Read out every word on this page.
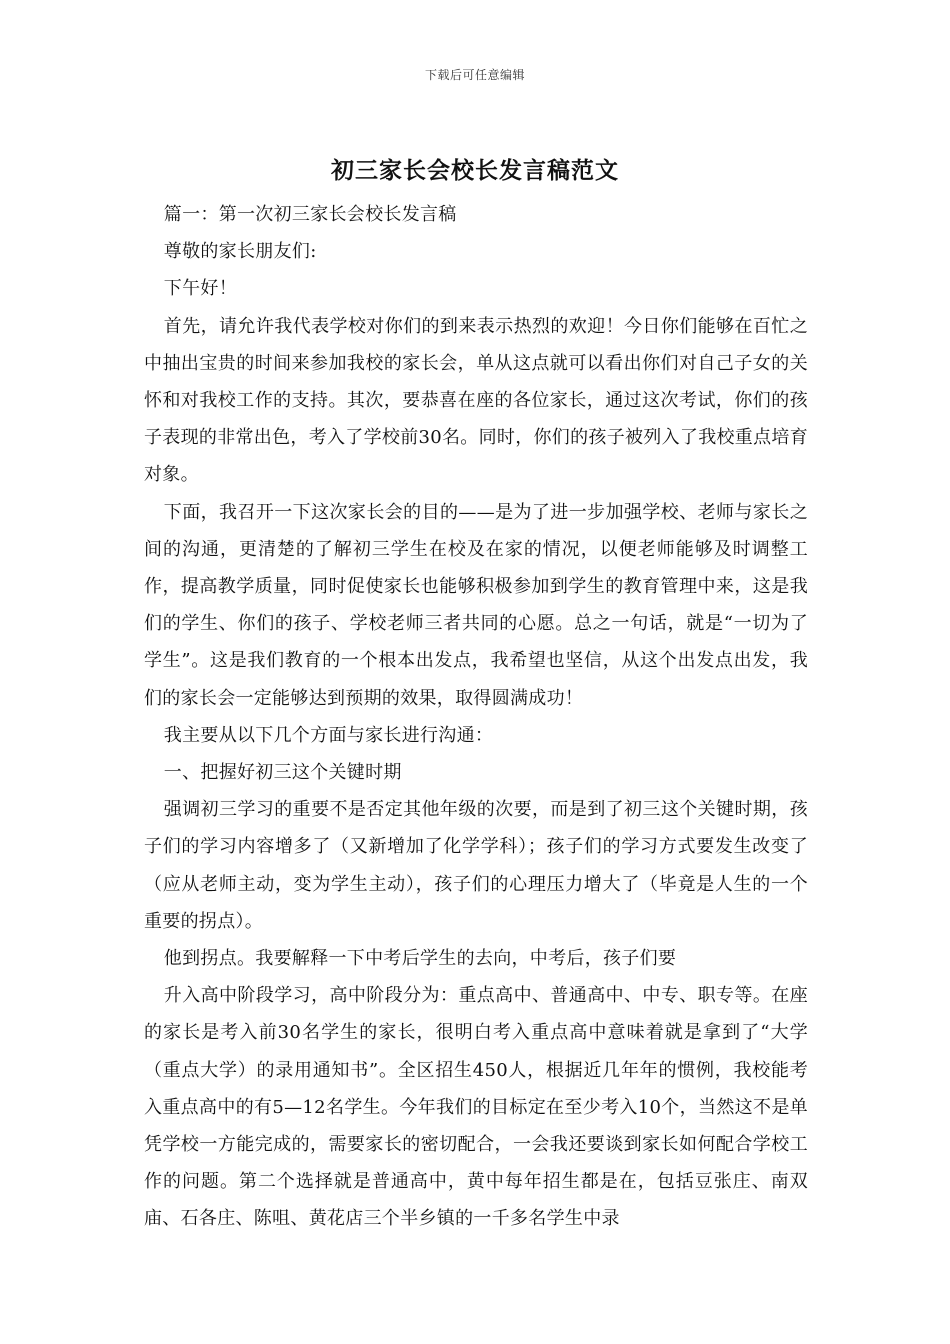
下载后可任意编辑
初三家长会校长发言稿范文

篇一：第一次初三家长会校长发言稿

尊敬的家长朋友们:

下午好！

首先，请允许我代表学校对你们的到来表示热烈的欢迎！今日你们能够在百忙之中抽出宝贵的时间来参加我校的家长会，单从这点就可以看出你们对自己子女的关怀和对我校工作的支持。其次，要恭喜在座的各位家长，通过这次考试，你们的孩子表现的非常出色，考入了学校前30名。同时，你们的孩子被列入了我校重点培育对象。

下面，我召开一下这次家长会的目的——是为了进一步加强学校、老师与家长之间的沟通，更清楚的了解初三学生在校及在家的情况，以便老师能够及时调整工作，提高教学质量，同时促使家长也能够积极参加到学生的教育管理中来，这是我们的学生、你们的孩子、学校老师三者共同的心愿。总之一句话，就是“一切为了学生”。这是我们教育的一个根本出发点，我希望也坚信，从这个出发点出发，我们的家长会一定能够达到预期的效果，取得圆满成功！

我主要从以下几个方面与家长进行沟通：

一、把握好初三这个关键时期

强调初三学习的重要不是否定其他年级的次要，而是到了初三这个关键时期，孩子们的学习内容增多了（又新增加了化学学科）；孩子们的学习方式要发生改变了（应从老师主动，变为学生主动），孩子们的心理压力增大了（毕竟是人生的一个重要的拐点）。

他到拐点。我要解释一下中考后学生的去向，中考后，孩子们要

升入高中阶段学习，高中阶段分为：重点高中、普通高中、中专、职专等。在座的家长是考入前30名学生的家长，很明白考入重点高中意味着就是拿到了“大学（重点大学）的录用通知书”。全区招生450人，根据近几年年的惯例，我校能考入重点高中的有5—12名学生。今年我们的目标定在至少考入10个，当然这不是单凭学校一方能完成的，需要家长的密切配合，一会我还要谈到家长如何配合学校工作的问题。第二个选择就是普通高中，黄中每年招生都是在，包括豆张庄、南双庙、石各庄、陈咀、黄花店三个半乡镇的一千多名学生中录
